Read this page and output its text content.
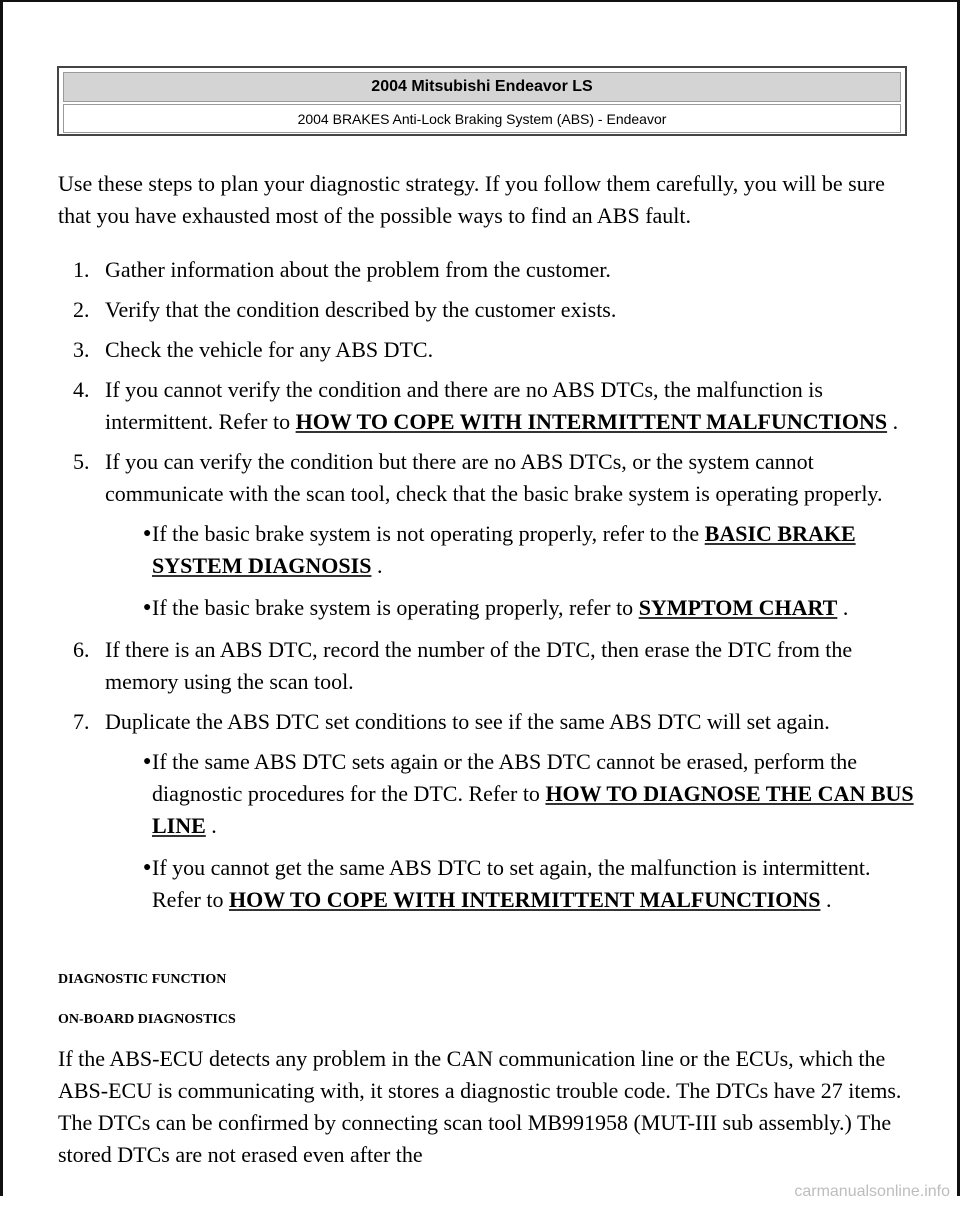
2004 Mitsubishi Endeavor LS
2004 BRAKES Anti-Lock Braking System (ABS) - Endeavor

Use these steps to plan your diagnostic strategy. If you follow them carefully, you will be sure that you have exhausted most of the possible ways to find an ABS fault.

1. Gather information about the problem from the customer.
2. Verify that the condition described by the customer exists.
3. Check the vehicle for any ABS DTC.
4. If you cannot verify the condition and there are no ABS DTCs, the malfunction is intermittent. Refer to HOW TO COPE WITH INTERMITTENT MALFUNCTIONS .
5. If you can verify the condition but there are no ABS DTCs, or the system cannot communicate with the scan tool, check that the basic brake system is operating properly.
● If the basic brake system is not operating properly, refer to the BASIC BRAKE SYSTEM DIAGNOSIS .
● If the basic brake system is operating properly, refer to SYMPTOM CHART .
6. If there is an ABS DTC, record the number of the DTC, then erase the DTC from the memory using the scan tool.
7. Duplicate the ABS DTC set conditions to see if the same ABS DTC will set again.
● If the same ABS DTC sets again or the ABS DTC cannot be erased, perform the diagnostic procedures for the DTC. Refer to HOW TO DIAGNOSE THE CAN BUS LINE .
● If you cannot get the same ABS DTC to set again, the malfunction is intermittent. Refer to HOW TO COPE WITH INTERMITTENT MALFUNCTIONS .
DIAGNOSTIC FUNCTION
ON-BOARD DIAGNOSTICS

If the ABS-ECU detects any problem in the CAN communication line or the ECUs, which the ABS-ECU is communicating with, it stores a diagnostic trouble code. The DTCs have 27 items. The DTCs can be confirmed by connecting scan tool MB991958 (MUT-III sub assembly.) The stored DTCs are not erased even after the

carmanualsonline.info
